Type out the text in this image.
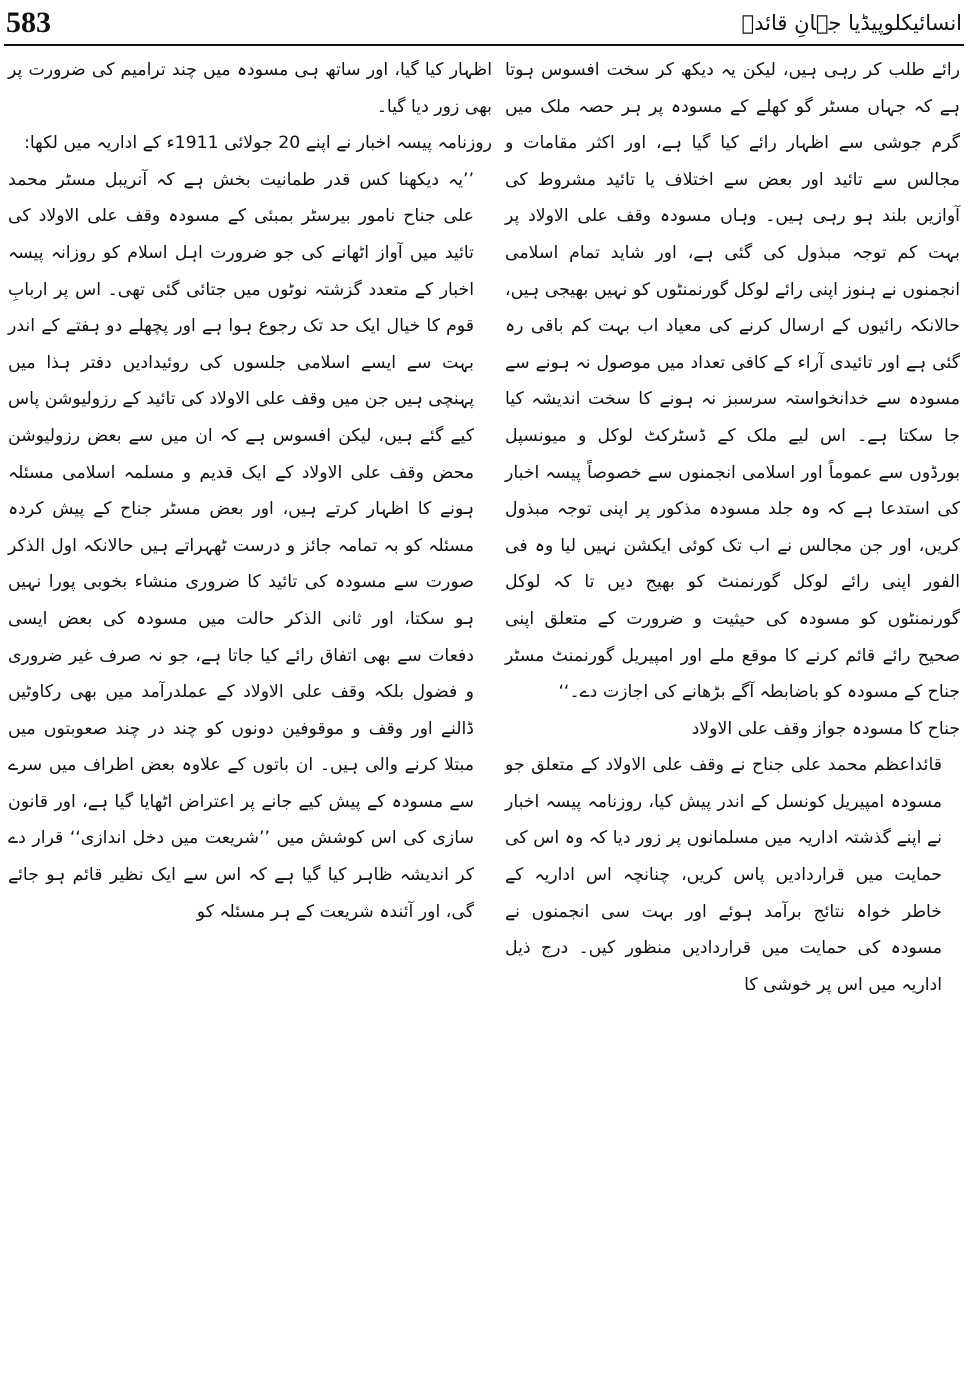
583	انسائیکلوپیڈیا جہانِ قائدؒ

رائے طلب کر رہی ہیں، لیکن یہ دیکھ کر سخت افسوس ہوتا ہے کہ جہاں مسٹر گو کھلے کے مسودہ پر ہر حصہ ملک میں گرم جوشی سے اظہار رائے کیا گیا ہے، اور اکثر مقامات و مجالس سے تائید اور بعض سے اختلاف یا تائید مشروط کی آوازیں بلند ہو رہی ہیں۔ وہاں مسودہ وقف علی الاولاد پر بہت کم توجہ مبذول کی گئی ہے، اور شاید تمام اسلامی انجمنوں نے ہنوز اپنی رائے لوکل گورنمنٹوں کو نہیں بھیجی ہیں، حالانکہ رائیوں کے ارسال کرنے کی معیاد اب بہت کم باقی رہ گئی ہے اور تائیدی آراء کے کافی تعداد میں موصول نہ ہونے سے مسودہ سے خدانخواستہ سرسبز نہ ہونے کا سخت اندیشہ کیا جا سکتا ہے۔ اس لیے ملک کے ڈسٹرکٹ لوکل و میونسپل بورڈوں سے عموماً اور اسلامی انجمنوں سے خصوصاً پیسہ اخبار کی استدعا ہے کہ وہ جلد مسودہ مذکور پر اپنی توجہ مبذول کریں، اور جن مجالس نے اب تک کوئی ایکشن نہیں لیا وہ فی الفور اپنی رائے لوکل گورنمنٹ کو بھیج دیں تا کہ لوکل گورنمنٹوں کو مسودہ کی حیثیت و ضرورت کے متعلق اپنی صحیح رائے قائم کرنے کا موقع ملے اور امپیریل گورنمنٹ مسٹر جناح کے مسودہ کو باضابطہ آگے بڑھانے کی اجازت دے۔‘‘

جناح کا مسودہ جواز وقف علی الاولاد

قائداعظم محمد علی جناح نے وقف علی الاولاد کے متعلق جو مسودہ امپیریل کونسل کے اندر پیش کیا، روزنامہ پیسہ اخبار نے اپنے گذشتہ اداریہ میں مسلمانوں پر زور دیا کہ وہ اس کی حمایت میں قراردادیں پاس کریں، چنانچہ اس اداریہ کے خاطر خواہ نتائج برآمد ہوئے اور بہت سی انجمنوں نے مسودہ کی حمایت میں قراردادیں منظور کیں۔ درج ذیل اداریہ میں اس پر خوشی کا

اظہار کیا گیا، اور ساتھ ہی مسودہ میں چند ترامیم کی ضرورت پر بھی زور دیا گیا۔

روزنامہ پیسہ اخبار نے اپنے 20 جولائی 1911ء کے اداریہ میں لکھا:

’’یہ دیکھنا کس قدر طمانیت بخش ہے کہ آنریبل مسٹر محمد علی جناح نامور بیرسٹر بمبئی کے مسودہ وقف علی الاولاد کی تائید میں آواز اٹھانے کی جو ضرورت اہل اسلام کو روزانہ پیسہ اخبار کے متعدد گزشتہ نوٹوں میں جتائی گئی تھی۔ اس پر اربابِ قوم کا خیال ایک حد تک رجوع ہوا ہے اور پچھلے دو ہفتے کے اندر بہت سے ایسے اسلامی جلسوں کی روئیدادیں دفتر ہذا میں پہنچی ہیں جن میں وقف علی الاولاد کی تائید کے رزولیوشن پاس کیے گئے ہیں، لیکن افسوس ہے کہ ان میں سے بعض رزولیوشن محض وقف علی الاولاد کے ایک قدیم و مسلمہ اسلامی مسئلہ ہونے کا اظہار کرتے ہیں، اور بعض مسٹر جناح کے پیش کردہ مسئلہ کو بہ تمامہ جائز و درست ٹھہراتے ہیں حالانکہ اول الذکر صورت سے مسودہ کی تائید کا ضروری منشاء بخوبی پورا نہیں ہو سکتا، اور ثانی الذکر حالت میں مسودہ کی بعض ایسی دفعات سے بھی اتفاق رائے کیا جاتا ہے، جو نہ صرف غیر ضروری و فضول بلکہ وقف علی الاولاد کے عملدرآمد میں بھی رکاوٹیں ڈالنے اور وقف و موقوفین دونوں کو چند در چند صعوبتوں میں مبتلا کرنے والی ہیں۔ ان باتوں کے علاوہ بعض اطراف میں سرے سے مسودہ کے پیش کیے جانے پر اعتراض اٹھایا گیا ہے، اور قانون سازی کی اس کوشش میں ’’شریعت میں دخل اندازی‘‘ قرار دے کر اندیشہ ظاہر کیا گیا ہے کہ اس سے ایک نظیر قائم ہو جائے گی، اور آئندہ شریعت کے ہر مسئلہ کو
